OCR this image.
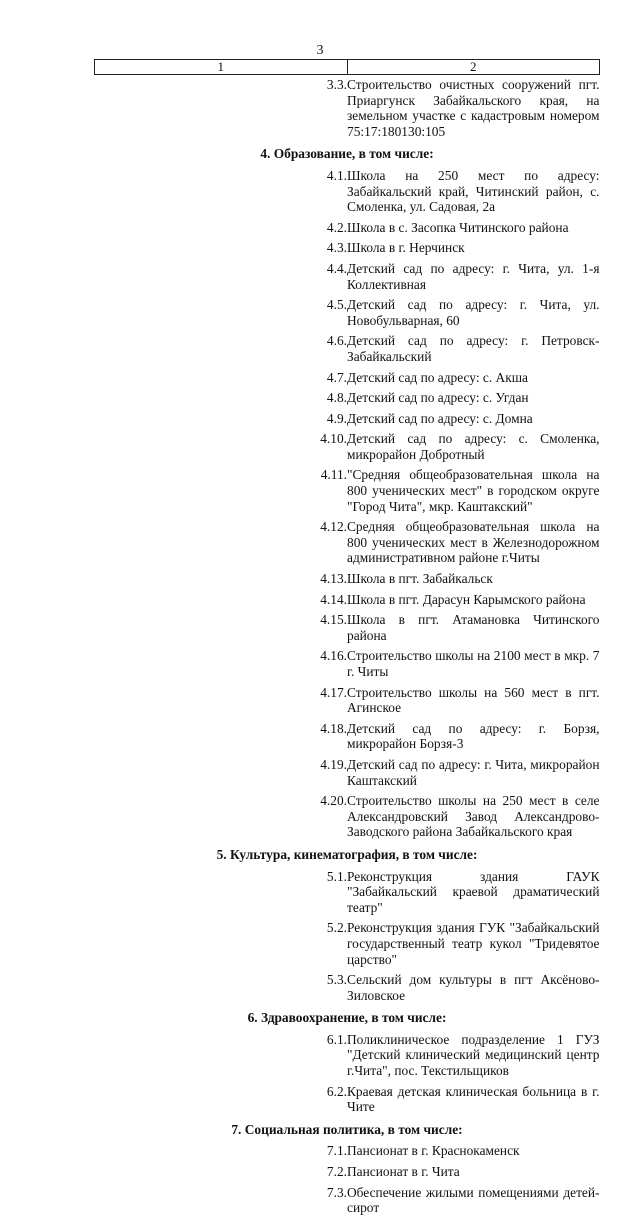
3
1	2
3.3.	Строительство очистных сооружений пгт. Приаргунск Забайкальского края, на земельном участке с кадастровым номером 75:17:180130:105
4. Образование, в том числе:	
4.1.	Школа на 250 мест по адресу: Забайкальский край, Читинский район, с. Смоленка, ул. Садовая, 2а
4.2.	Школа в с. Засопка Читинского района
4.3.	Школа в г. Нерчинск
4.4.	Детский сад по адресу: г. Чита, ул. 1-я Коллективная
4.5.	Детский сад по адресу: г. Чита, ул. Новобульварная, 60
4.6.	Детский сад по адресу: г. Петровск-Забайкальский
4.7.	Детский сад по адресу: с. Акша
4.8.	Детский сад по адресу: с. Угдан
4.9.	Детский сад по адресу: с. Домна
4.10.	Детский сад по адресу: с. Смоленка, микрорайон Добротный
4.11.	"Средняя общеобразовательная школа на 800 ученических мест" в городском округе "Город Чита", мкр. Каштакский"
4.12.	Средняя общеобразовательная школа на 800 ученических мест в Железнодорожном административном районе г.Читы
4.13.	Школа в пгт. Забайкальск
4.14.	Школа в пгт. Дарасун Карымского района
4.15.	Школа в пгт. Атамановка Читинского района
4.16.	Строительство школы на 2100 мест в мкр. 7 г. Читы
4.17.	Строительство школы на 560 мест в пгт. Агинское
4.18.	Детский сад по адресу: г. Борзя, микрорайон Борзя-3
4.19.	Детский сад по адресу: г. Чита, микрорайон Каштакский
4.20.	Строительство школы на 250 мест в селе Александровский Завод Александрово-Заводского района Забайкальского края
5. Культура, кинематография, в том числе:	
5.1.	Реконструкция здания ГАУК "Забайкальский краевой драматический театр"
5.2.	Реконструкция здания ГУК "Забайкальский государственный театр кукол "Тридевятое царство"
5.3.	Сельский дом культуры в пгт Аксёново-Зиловское
6. Здравоохранение, в том числе:	
6.1.	Поликлиническое подразделение 1 ГУЗ "Детский клинический медицинский центр г.Чита", пос. Текстильщиков
6.2.	Краевая детская клиническая больница в г. Чите
7. Социальная политика, в том числе:	
7.1.	Пансионат в г. Краснокаменск
7.2.	Пансионат в г. Чита
7.3.	Обеспечение жилыми помещениями детей-сирот
